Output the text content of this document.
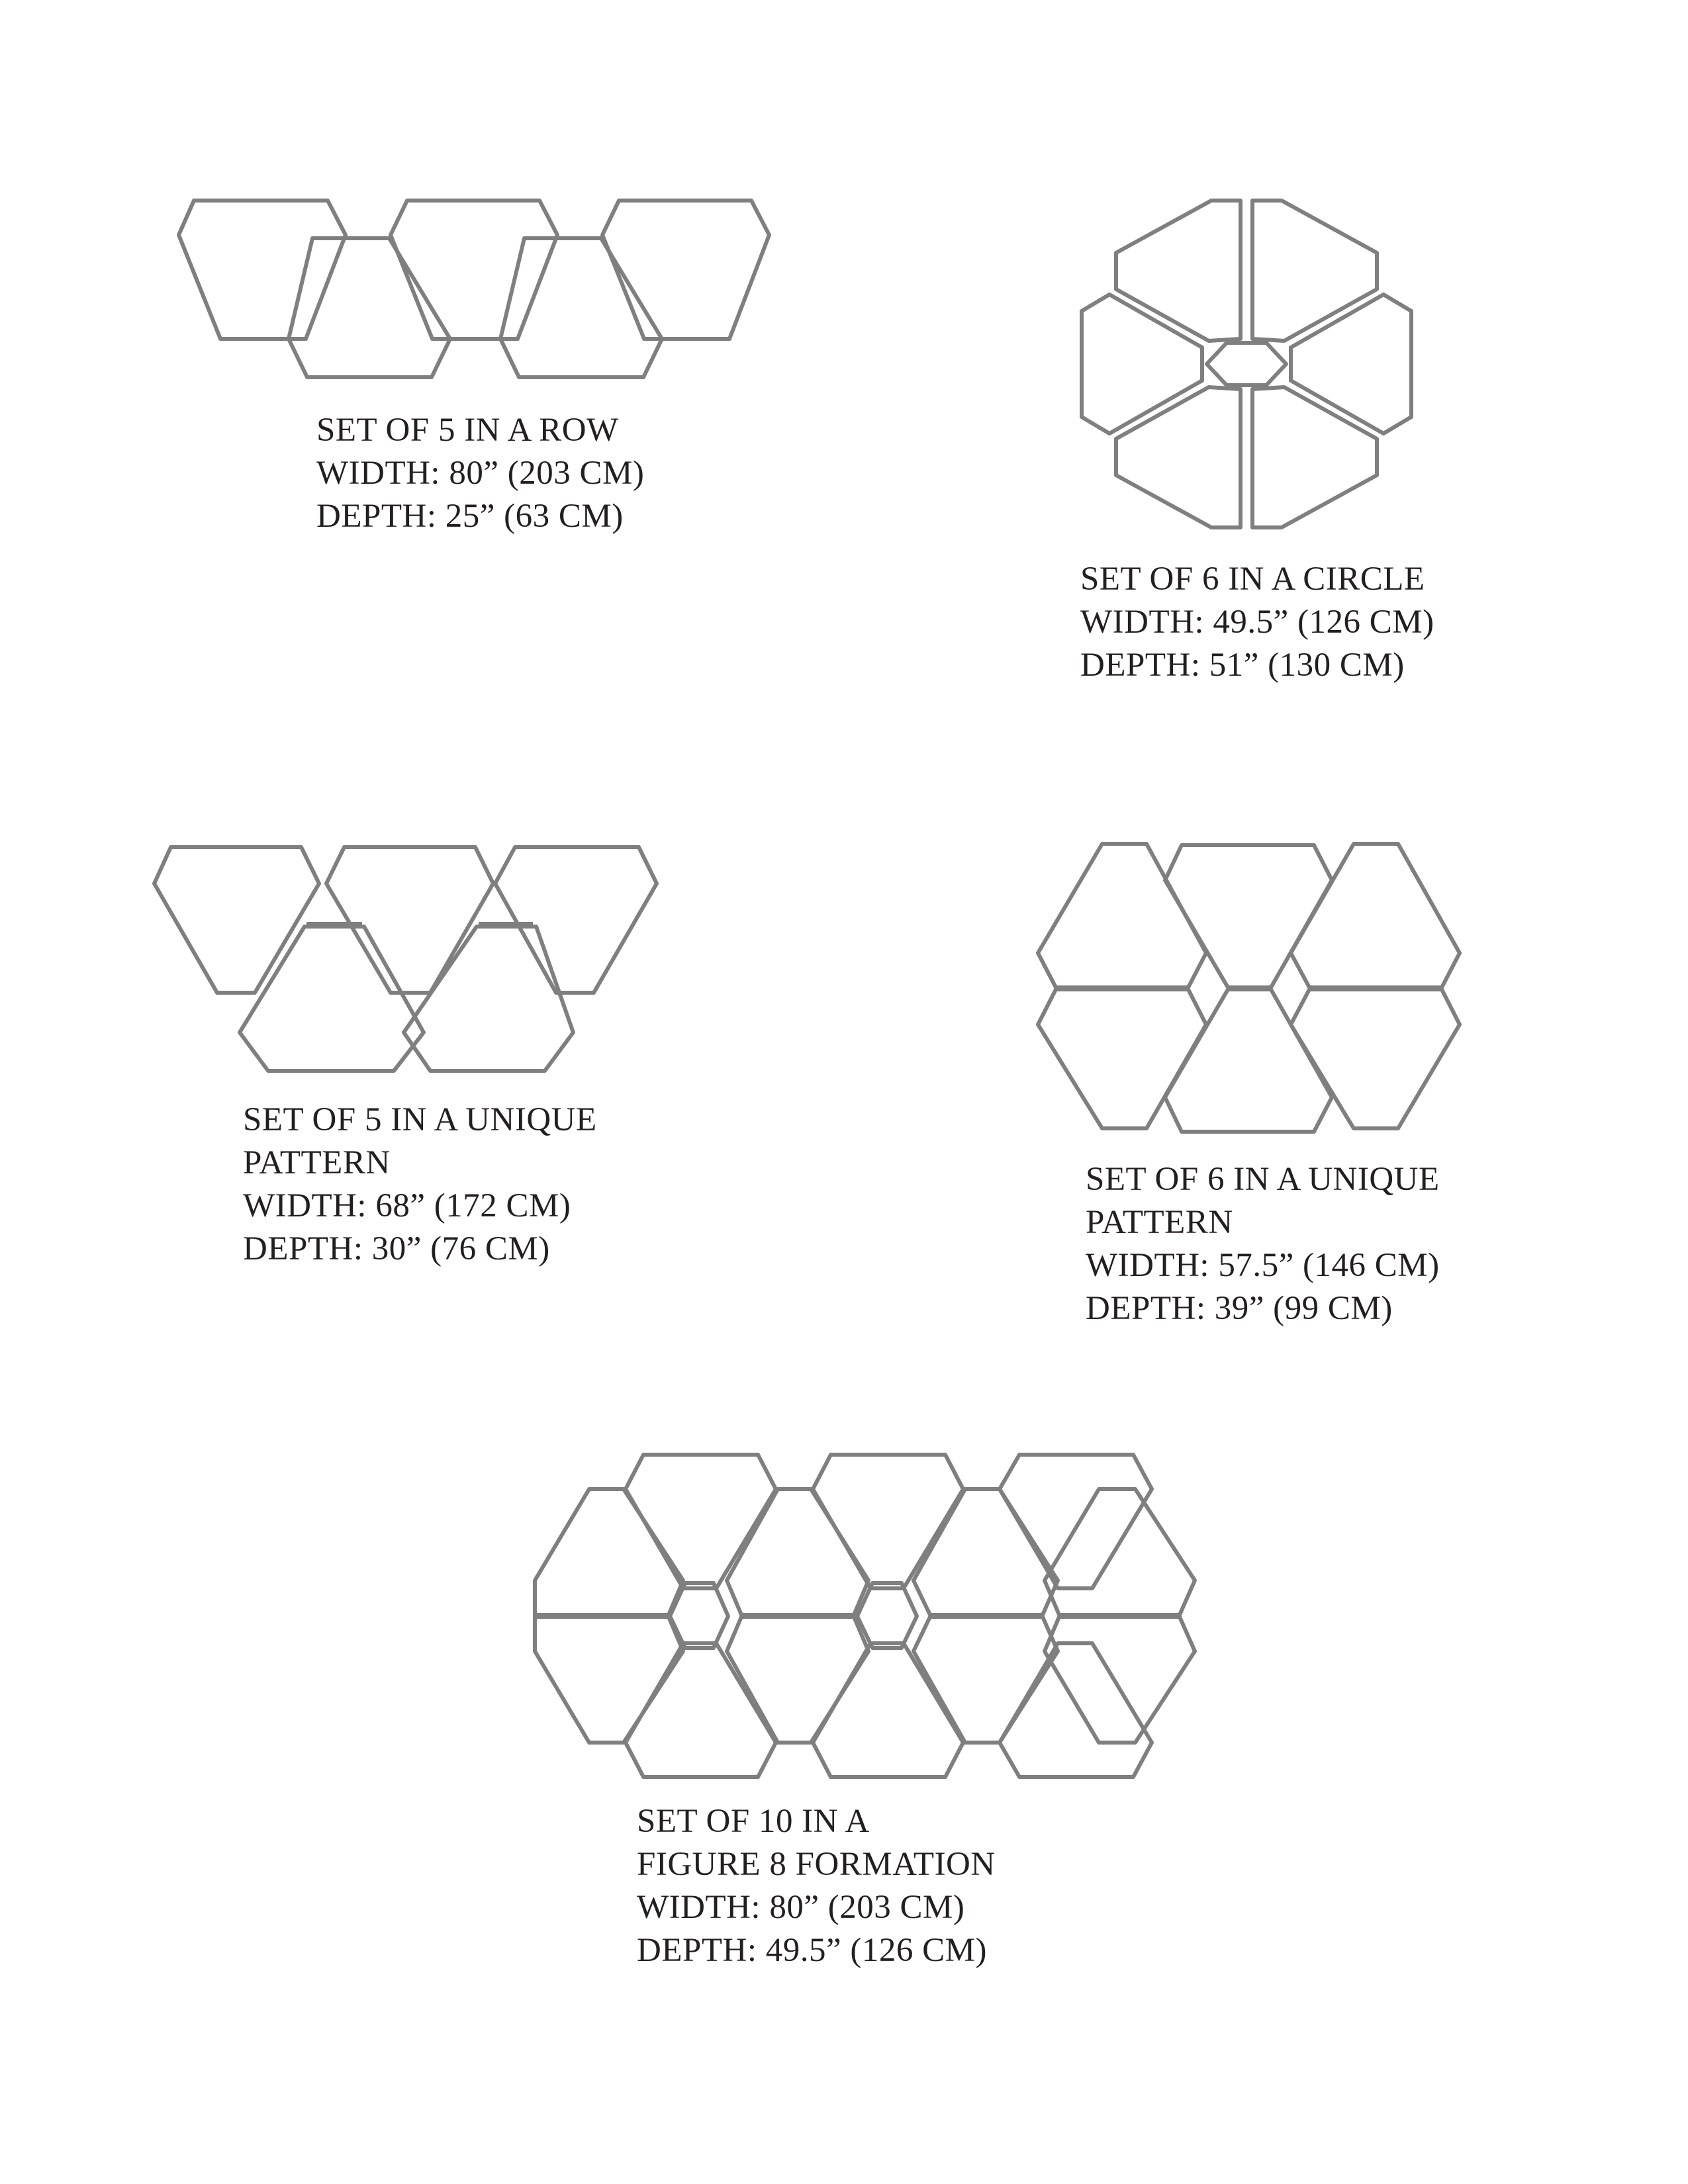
SET OF 5 IN A ROW
WIDTH: 80” (203 CM)
DEPTH: 25” (63 CM)
SET OF 6 IN A CIRCLE
WIDTH: 49.5” (126 CM)
DEPTH: 51” (130 CM)
SET OF 5 IN A UNIQUE
PATTERN
WIDTH: 68” (172 CM)
DEPTH: 30” (76 CM)
SET OF 6 IN A UNIQUE
PATTERN
WIDTH: 57.5” (146 CM)
DEPTH: 39” (99 CM)
SET OF 10 IN A
FIGURE 8 FORMATION
WIDTH: 80” (203 CM)
DEPTH: 49.5” (126 CM)
